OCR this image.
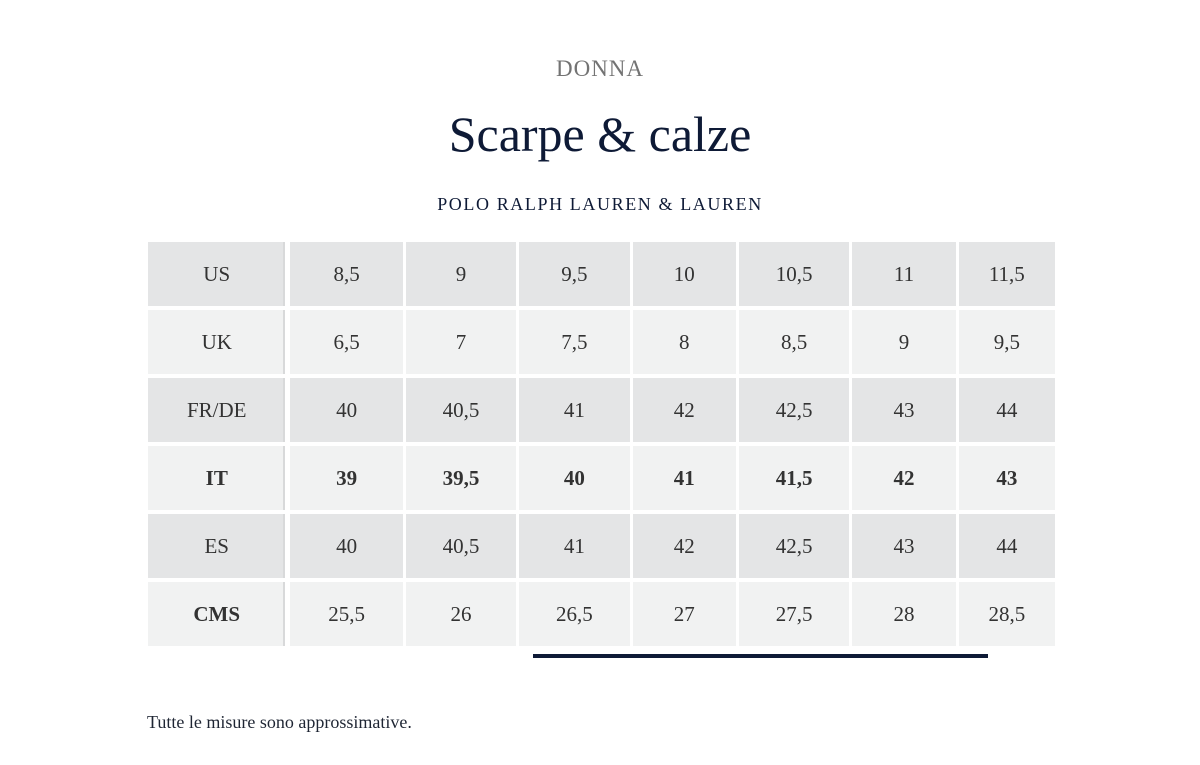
DONNA
Scarpe & calze
POLO RALPH LAUREN & LAUREN
US	8,5	9	9,5	10	10,5	11	11,5
UK	6,5	7	7,5	8	8,5	9	9,5
FR/DE	40	40,5	41	42	42,5	43	44
IT	39	39,5	40	41	41,5	42	43
ES	40	40,5	41	42	42,5	43	44
CMS	25,5	26	26,5	27	27,5	28	28,5
Tutte le misure sono approssimative.
